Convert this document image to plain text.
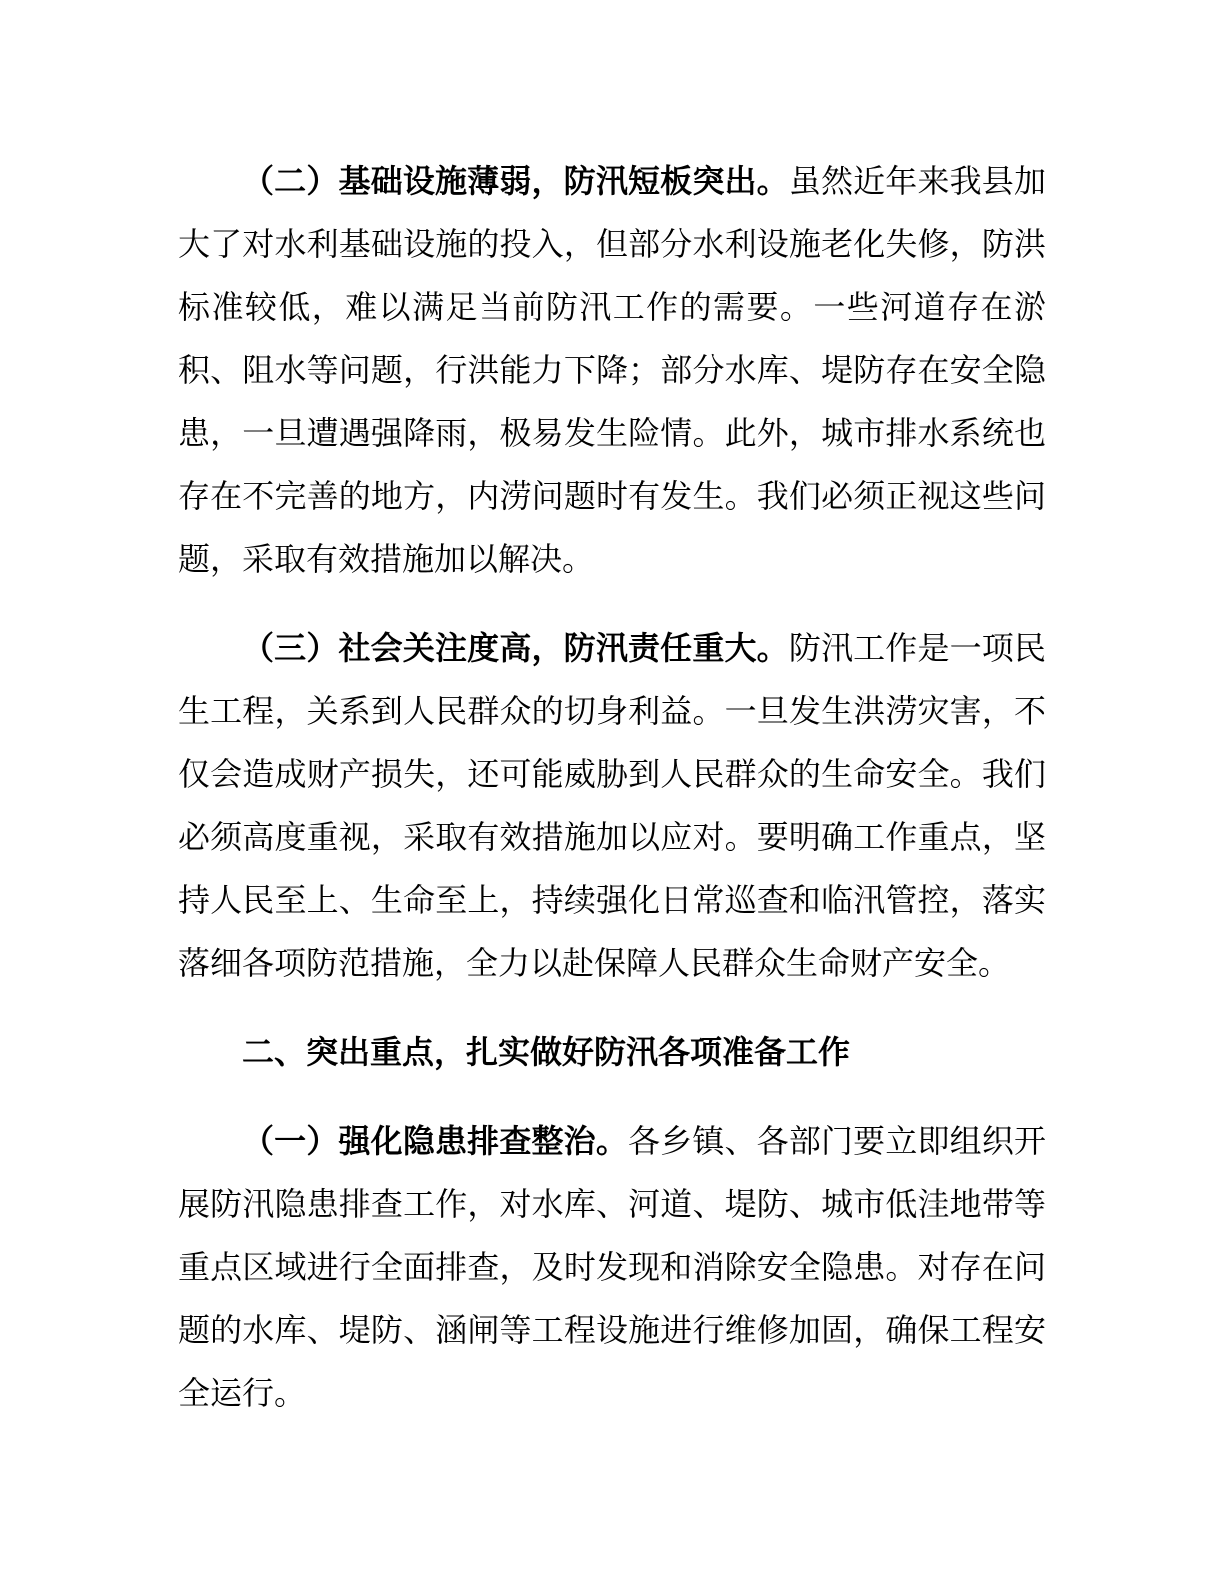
（二）基础设施薄弱，防汛短板突出。虽然近年来我县加大了对水利基础设施的投入，但部分水利设施老化失修，防洪标准较低，难以满足当前防汛工作的需要。一些河道存在淤积、阻水等问题，行洪能力下降；部分水库、堤防存在安全隐患，一旦遭遇强降雨，极易发生险情。此外，城市排水系统也存在不完善的地方，内涝问题时有发生。我们必须正视这些问题，采取有效措施加以解决。

（三）社会关注度高，防汛责任重大。防汛工作是一项民生工程，关系到人民群众的切身利益。一旦发生洪涝灾害，不仅会造成财产损失，还可能威胁到人民群众的生命安全。我们必须高度重视，采取有效措施加以应对。要明确工作重点，坚持人民至上、生命至上，持续强化日常巡查和临汛管控，落实落细各项防范措施，全力以赴保障人民群众生命财产安全。

二、突出重点，扎实做好防汛各项准备工作

（一）强化隐患排查整治。各乡镇、各部门要立即组织开展防汛隐患排查工作，对水库、河道、堤防、城市低洼地带等重点区域进行全面排查，及时发现和消除安全隐患。对存在问题的水库、堤防、涵闸等工程设施进行维修加固，确保工程安全运行。
